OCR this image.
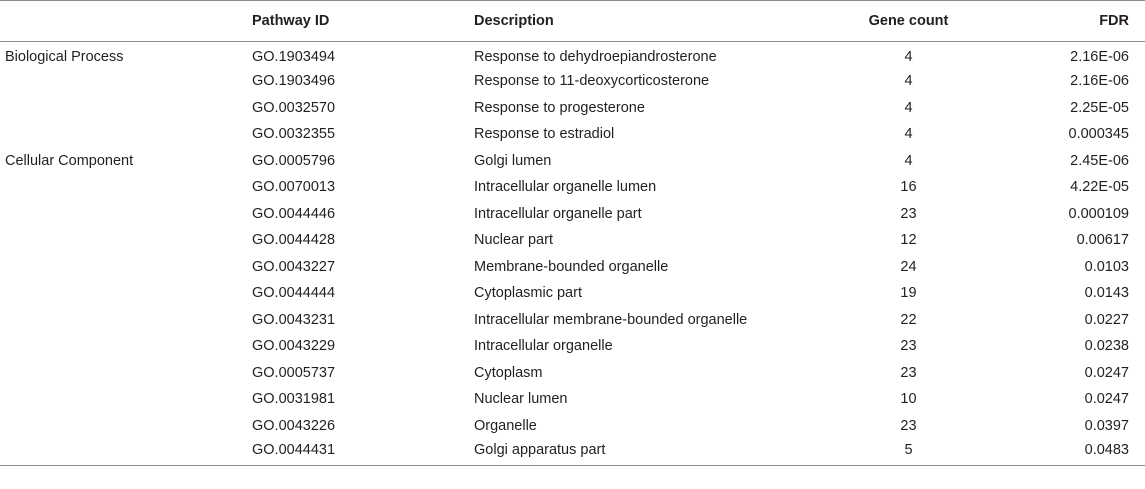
	Pathway ID	Description	Gene count	FDR
Biological Process	GO.1903494	Response to dehydroepiandrosterone	4	2.16E-06
	GO.1903496	Response to 11-deoxycorticosterone	4	2.16E-06
	GO.0032570	Response to progesterone	4	2.25E-05
	GO.0032355	Response to estradiol	4	0.000345
Cellular Component	GO.0005796	Golgi lumen	4	2.45E-06
	GO.0070013	Intracellular organelle lumen	16	4.22E-05
	GO.0044446	Intracellular organelle part	23	0.000109
	GO.0044428	Nuclear part	12	0.00617
	GO.0043227	Membrane-bounded organelle	24	0.0103
	GO.0044444	Cytoplasmic part	19	0.0143
	GO.0043231	Intracellular membrane-bounded organelle	22	0.0227
	GO.0043229	Intracellular organelle	23	0.0238
	GO.0005737	Cytoplasm	23	0.0247
	GO.0031981	Nuclear lumen	10	0.0247
	GO.0043226	Organelle	23	0.0397
	GO.0044431	Golgi apparatus part	5	0.0483
